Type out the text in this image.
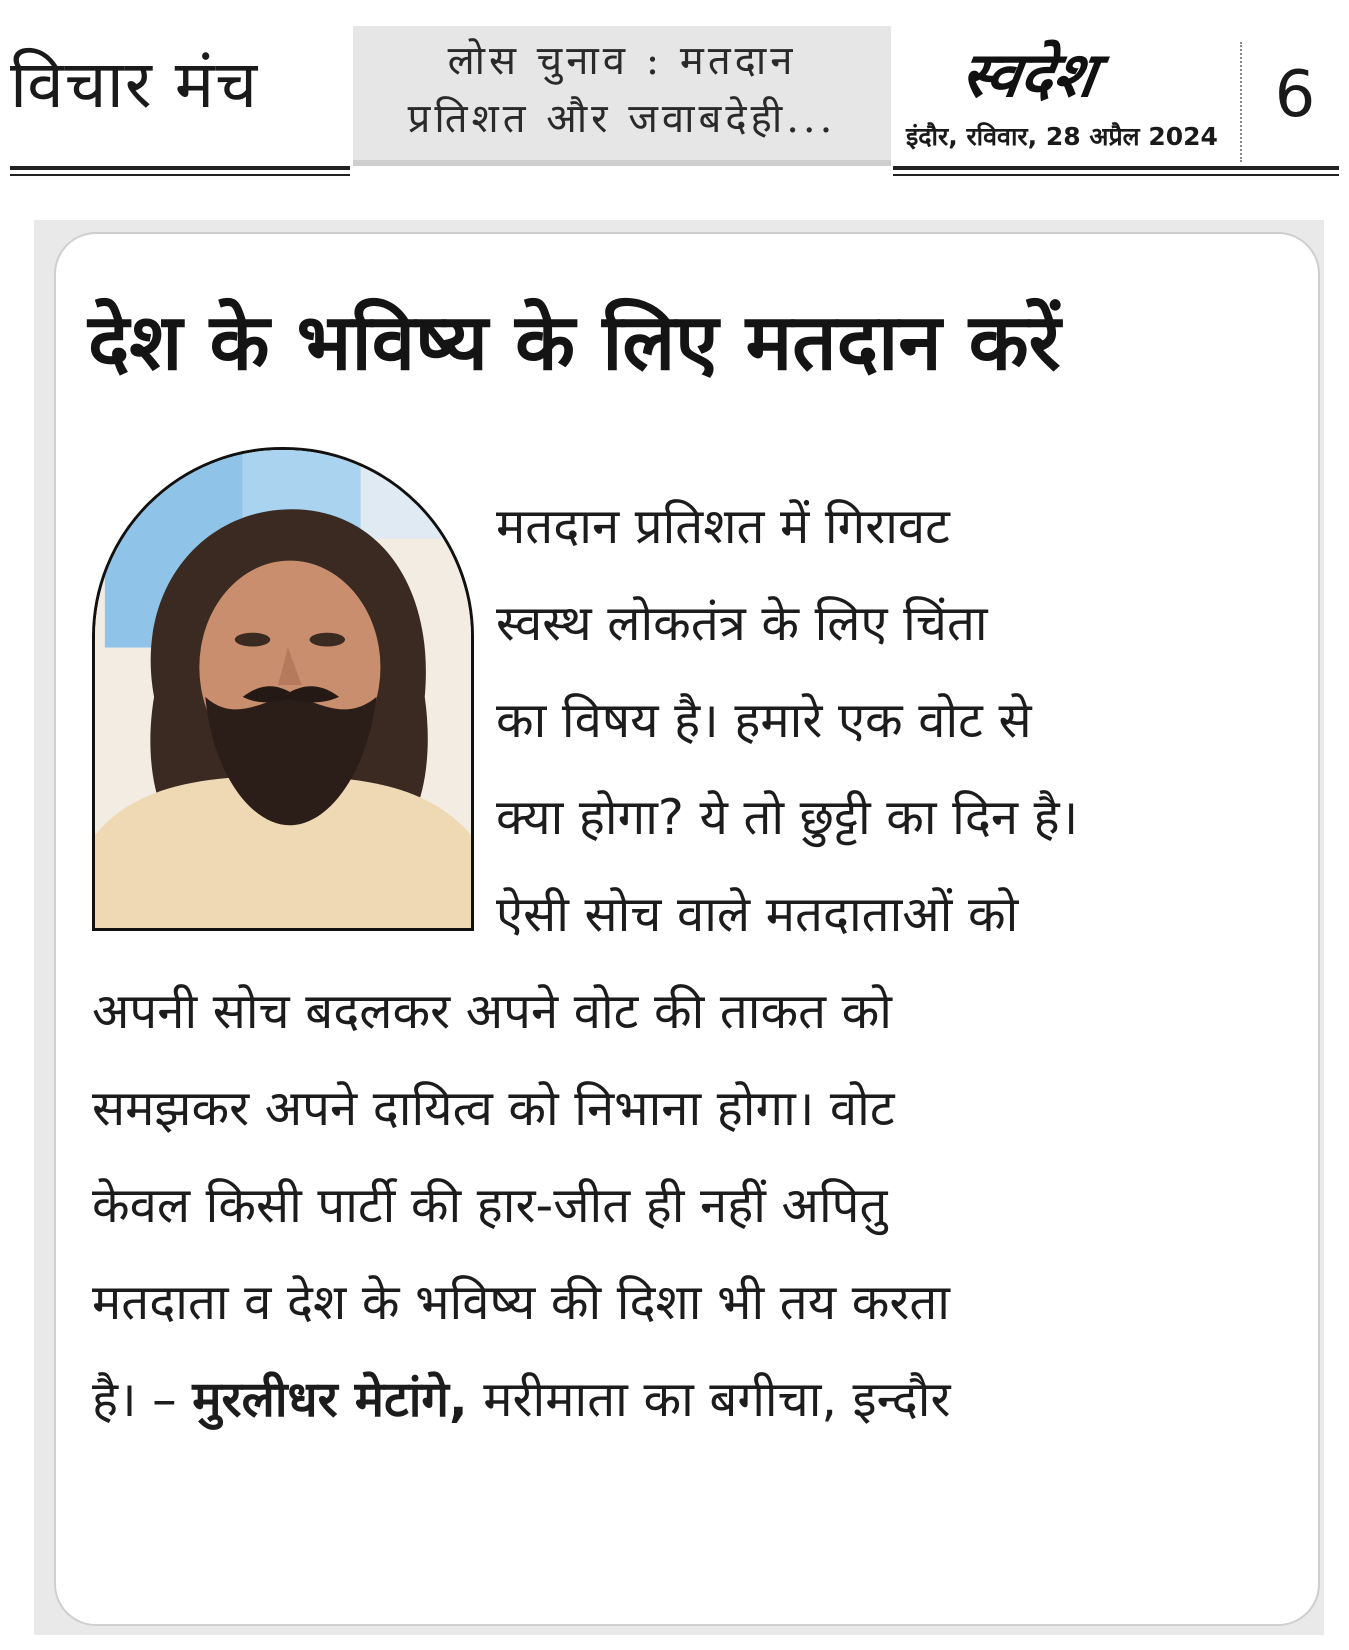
विचार मंच	लोस चुनाव : मतदान
प्रतिशत और जवाबदेही...
स्वदेश
इंदौर, रविवार, 28 अप्रैल 2024
6
देश के भविष्य के लिए मतदान करें
मतदान प्रतिशत में गिरावट
स्वस्थ लोकतंत्र के लिए चिंता
का विषय है। हमारे एक वोट से
क्या होगा? ये तो छुट्टी का दिन है।
ऐसी सोच वाले मतदाताओं को
अपनी सोच बदलकर अपने वोट की ताकत को
समझकर अपने दायित्व को निभाना होगा। वोट
केवल किसी पार्टी की हार-जीत ही नहीं अपितु
मतदाता व देश के भविष्य की दिशा भी तय करता
है। – मुरलीधर मेटांगे, मरीमाता का बगीचा, इन्दौर
